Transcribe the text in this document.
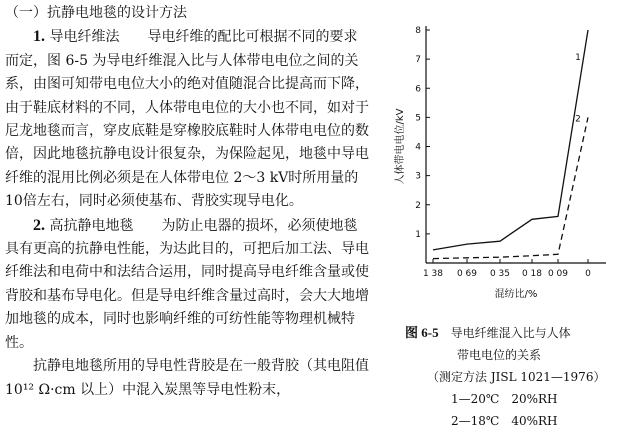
（一）抗静电地毯的设计方法

1. 导电纤维法　　导电纤维的配比可根据不同的要求而定，图 6-5 为导电纤维混入比与人体带电电位之间的关系，由图可知带电电位大小的绝对值随混合比提高而下降，由于鞋底材料的不同，人体带电电位的大小也不同，如对于尼龙地毯而言，穿皮底鞋是穿橡胶底鞋时人体带电电位的数倍，因此地毯抗静电设计很复杂，为保险起见，地毯中导电纤维的混用比例必须是在人体带电位 2～3 kV时所用量的 10倍左右，同时必须使基布、背胶实现导电化。

2. 高抗静电地毯　　为防止电器的损坏，必须使地毯具有更高的抗静电性能，为达此目的，可把后加工法、导电纤维法和电荷中和法结合运用，同时提高导电纤维含量或使背胶和基布导电化。但是导电纤维含量过高时，会大大地增加地毯的成本，同时也影响纤维的可纺性能等物理机械特性。

抗静电地毯所用的导电性背胶是在一般背胶（其电阻值 10¹² Ω·cm 以上）中混入炭黑等导电性粉末，

1
2
3
4
5
6
7
8
1 38 0 69 0 35 0 18 0 09 0
混纺比/%
人体带电电位/kV
1
2
图 6-5　 导电纤维混入比与人体
带电电位的关系
（测定方法 JISL 1021—1976）
1—20℃　20%RH
2—18℃　40%RH
